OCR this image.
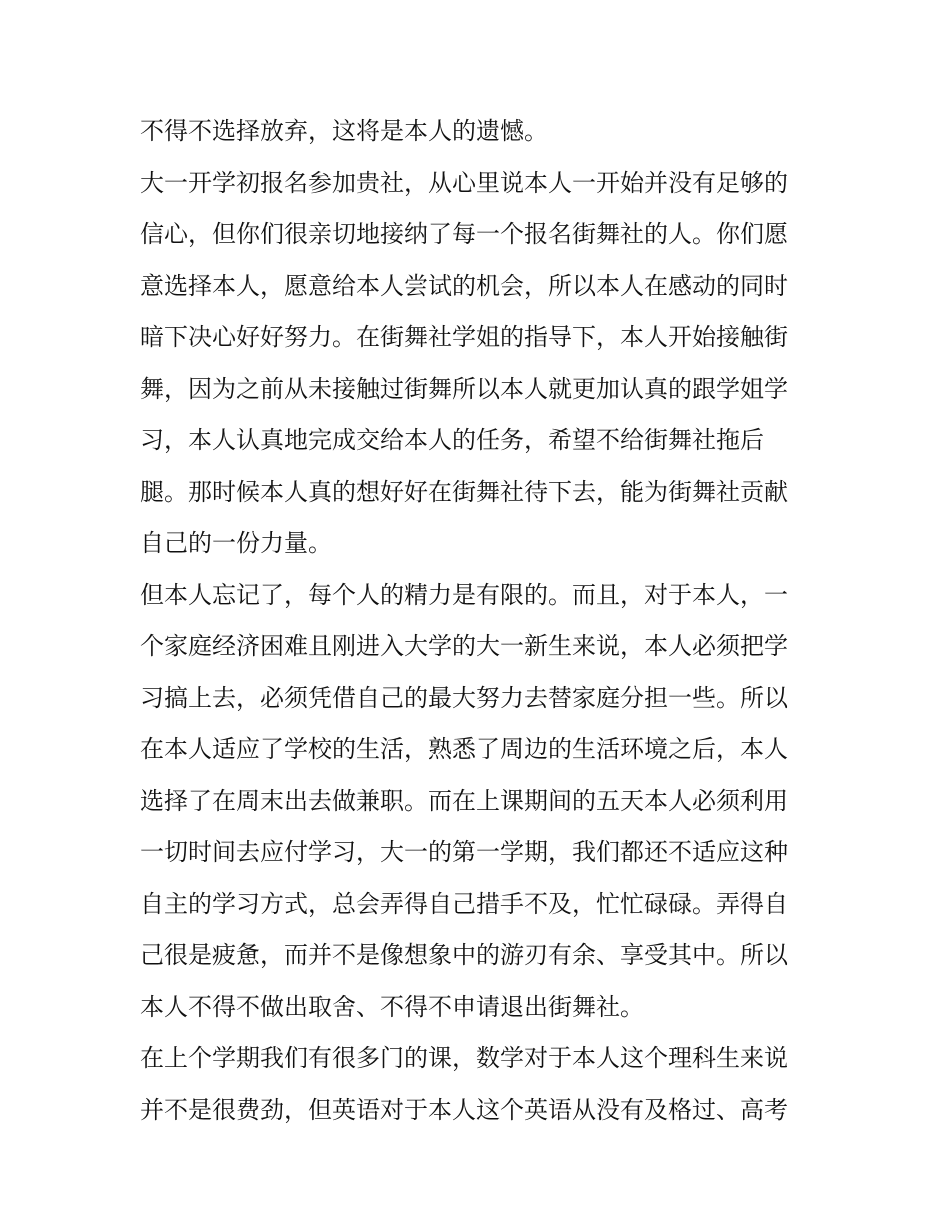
不得不选择放弃，这将是本人的遗憾。
大一开学初报名参加贵社，从心里说本人一开始并没有足够的
信心，但你们很亲切地接纳了每一个报名街舞社的人。你们愿
意选择本人，愿意给本人尝试的机会，所以本人在感动的同时
暗下决心好好努力。在街舞社学姐的指导下，本人开始接触街
舞，因为之前从未接触过街舞所以本人就更加认真的跟学姐学
习，本人认真地完成交给本人的任务，希望不给街舞社拖后
腿。那时候本人真的想好好在街舞社待下去，能为街舞社贡献
自己的一份力量。
但本人忘记了，每个人的精力是有限的。而且，对于本人，一
个家庭经济困难且刚进入大学的大一新生来说，本人必须把学
习搞上去，必须凭借自己的最大努力去替家庭分担一些。所以
在本人适应了学校的生活，熟悉了周边的生活环境之后，本人
选择了在周末出去做兼职。而在上课期间的五天本人必须利用
一切时间去应付学习，大一的第一学期，我们都还不适应这种
自主的学习方式，总会弄得自己措手不及，忙忙碌碌。弄得自
己很是疲惫，而并不是像想象中的游刃有余、享受其中。所以
本人不得不做出取舍、不得不申请退出街舞社。
在上个学期我们有很多门的课，数学对于本人这个理科生来说
并不是很费劲，但英语对于本人这个英语从没有及格过、高考
